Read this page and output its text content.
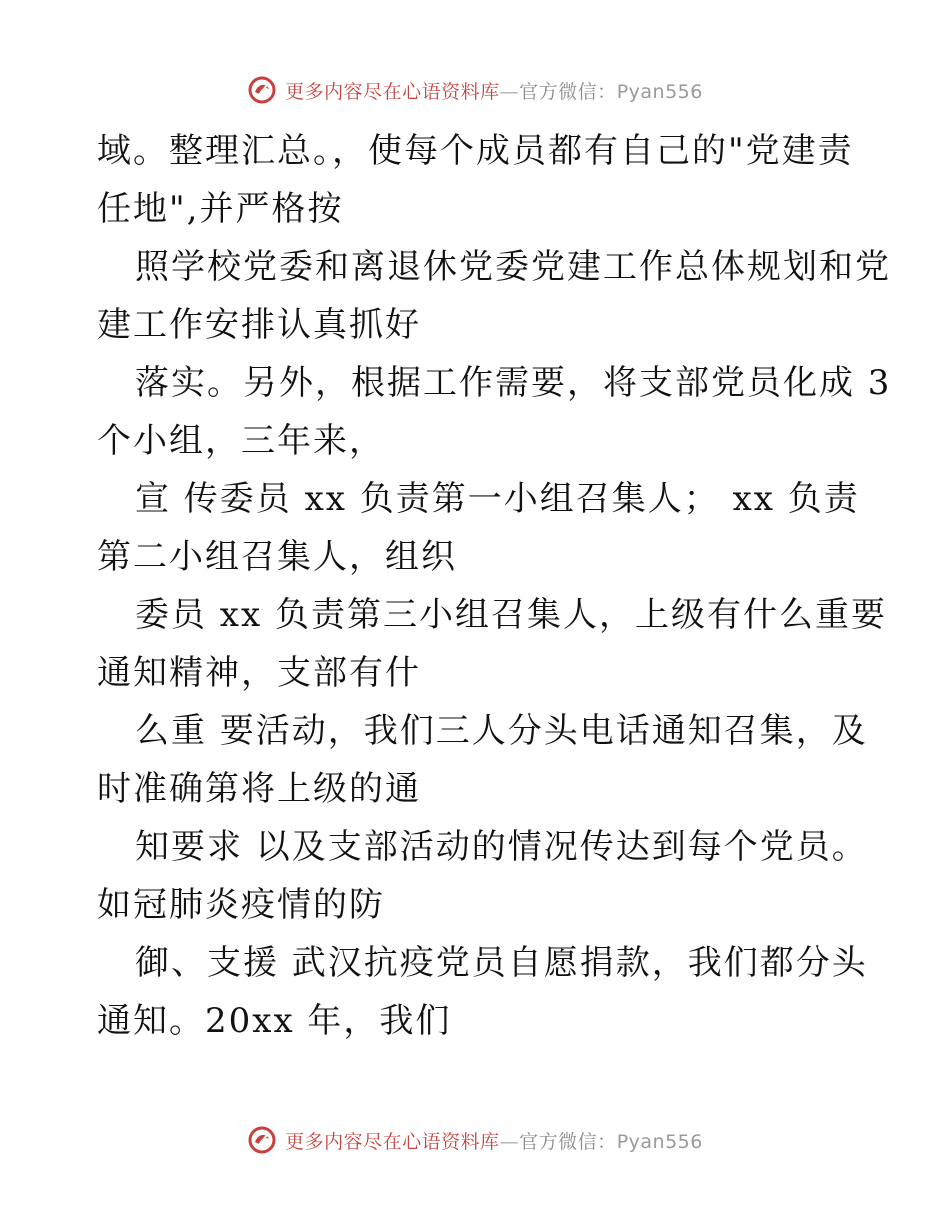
更多内容尽在心语资料库—官方微信：Pyan556
域。整理汇总。，使每个成员都有自己的"党建责
任地",并严格按
照学校党委和离退休党委党建工作总体规划和党
建工作安排认真抓好
落实。另外，根据工作需要，将支部党员化成 3
个小组，三年来，
宣 传委员 xx 负责第一小组召集人； xx 负责
第二小组召集人，组织
委员 xx 负责第三小组召集人，上级有什么重要
通知精神，支部有什
么重 要活动，我们三人分头电话通知召集，及
时准确第将上级的通
知要求 以及支部活动的情况传达到每个党员。
如冠肺炎疫情的防
御、支援 武汉抗疫党员自愿捐款，我们都分头
通知。20xx 年，我们
更多内容尽在心语资料库—官方微信：Pyan556
